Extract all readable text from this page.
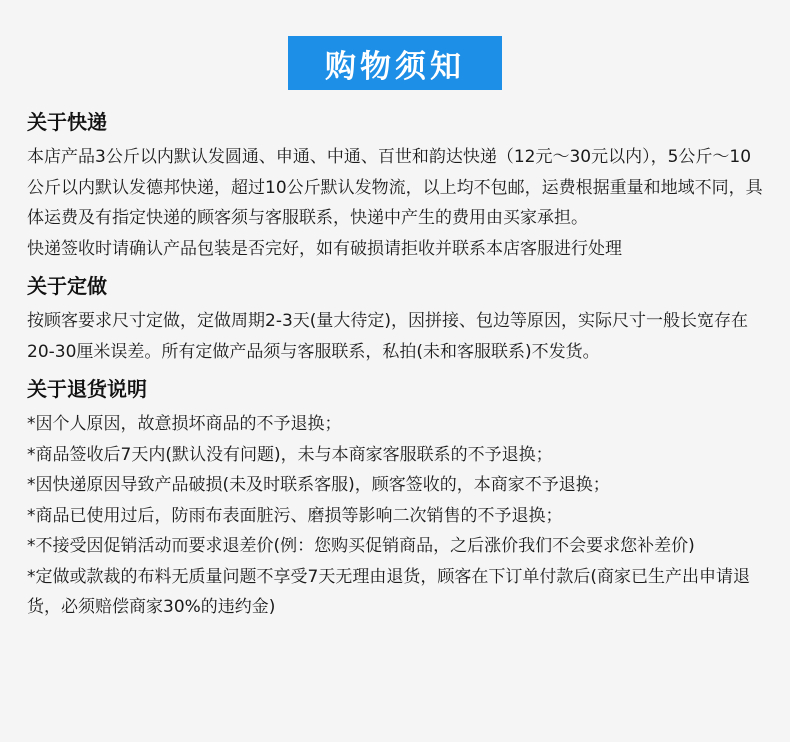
购物须知
关于快递

本店产品3公斤以内默认发圆通、申通、中通、百世和韵达快递（12元～30元以内），5公斤～10公斤以内默认发德邦快递，超过10公斤默认发物流，以上均不包邮，运费根据重量和地域不同，具体运费及有指定快递的顾客须与客服联系，快递中产生的费用由买家承担。

快递签收时请确认产品包装是否完好，如有破损请拒收并联系本店客服进行处理

关于定做

按顾客要求尺寸定做，定做周期2-3天(量大待定)，因拼接、包边等原因，实际尺寸一般长宽存在20-30厘米误差。所有定做产品须与客服联系，私拍(未和客服联系)不发货。

关于退货说明

*因个人原因，故意损坏商品的不予退换；

*商品签收后7天内(默认没有问题)，未与本商家客服联系的不予退换；

*因快递原因导致产品破损(未及时联系客服)，顾客签收的，本商家不予退换；

*商品已使用过后，防雨布表面脏污、磨损等影响二次销售的不予退换；

*不接受因促销活动而要求退差价(例：您购买促销商品，之后涨价我们不会要求您补差价)

*定做或款裁的布料无质量问题不享受7天无理由退货，顾客在下订单付款后(商家已生产出申请退货，必须赔偿商家30%的违约金)
